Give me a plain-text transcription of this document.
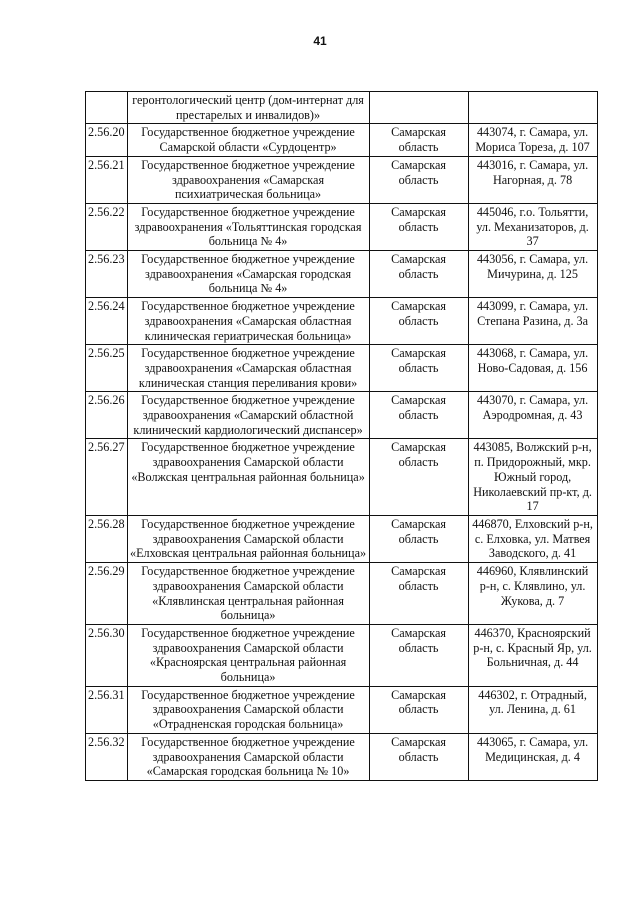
41
	геронтологический центр (дом-интернат для престарелых и инвалидов)»		
2.56.20	Государственное бюджетное учреждение Самарской области «Сурдоцентр»	Самарская область	443074, г. Самара, ул. Мориса Тореза, д. 107
2.56.21	Государственное бюджетное учреждение здравоохранения «Самарская психиатрическая больница»	Самарская область	443016, г. Самара, ул. Нагорная, д. 78
2.56.22	Государственное бюджетное учреждение здравоохранения «Тольяттинская городская больница № 4»	Самарская область	445046, г.о. Тольятти, ул. Механизаторов, д. 37
2.56.23	Государственное бюджетное учреждение здравоохранения «Самарская городская больница № 4»	Самарская область	443056, г. Самара, ул. Мичурина, д. 125
2.56.24	Государственное бюджетное учреждение здравоохранения «Самарская областная клиническая гериатрическая больница»	Самарская область	443099, г. Самара, ул. Степана Разина, д. 3а
2.56.25	Государственное бюджетное учреждение здравоохранения «Самарская областная клиническая станция переливания крови»	Самарская область	443068, г. Самара, ул. Ново-Садовая, д. 156
2.56.26	Государственное бюджетное учреждение здравоохранения «Самарский областной клинический кардиологический диспансер»	Самарская область	443070, г. Самара, ул. Аэродромная, д. 43
2.56.27	Государственное бюджетное учреждение здравоохранения Самарской области «Волжская центральная районная больница»	Самарская область	443085, Волжский р-н, п. Придорожный, мкр. Южный город, Николаевский пр-кт, д. 17
2.56.28	Государственное бюджетное учреждение здравоохранения Самарской области «Елховская центральная районная больница»	Самарская область	446870, Елховский р-н, с. Елховка, ул. Матвея Заводского, д. 41
2.56.29	Государственное бюджетное учреждение здравоохранения Самарской области «Клявлинская центральная районная больница»	Самарская область	446960, Клявлинский р-н, с. Клявлино, ул. Жукова, д. 7
2.56.30	Государственное бюджетное учреждение здравоохранения Самарской области «Красноярская центральная районная больница»	Самарская область	446370, Красноярский р-н, с. Красный Яр, ул. Больничная, д. 44
2.56.31	Государственное бюджетное учреждение здравоохранения Самарской области «Отрадненская городская больница»	Самарская область	446302, г. Отрадный, ул. Ленина, д. 61
2.56.32	Государственное бюджетное учреждение здравоохранения Самарской области «Самарская городская больница № 10»	Самарская область	443065, г. Самара, ул. Медицинская, д. 4
